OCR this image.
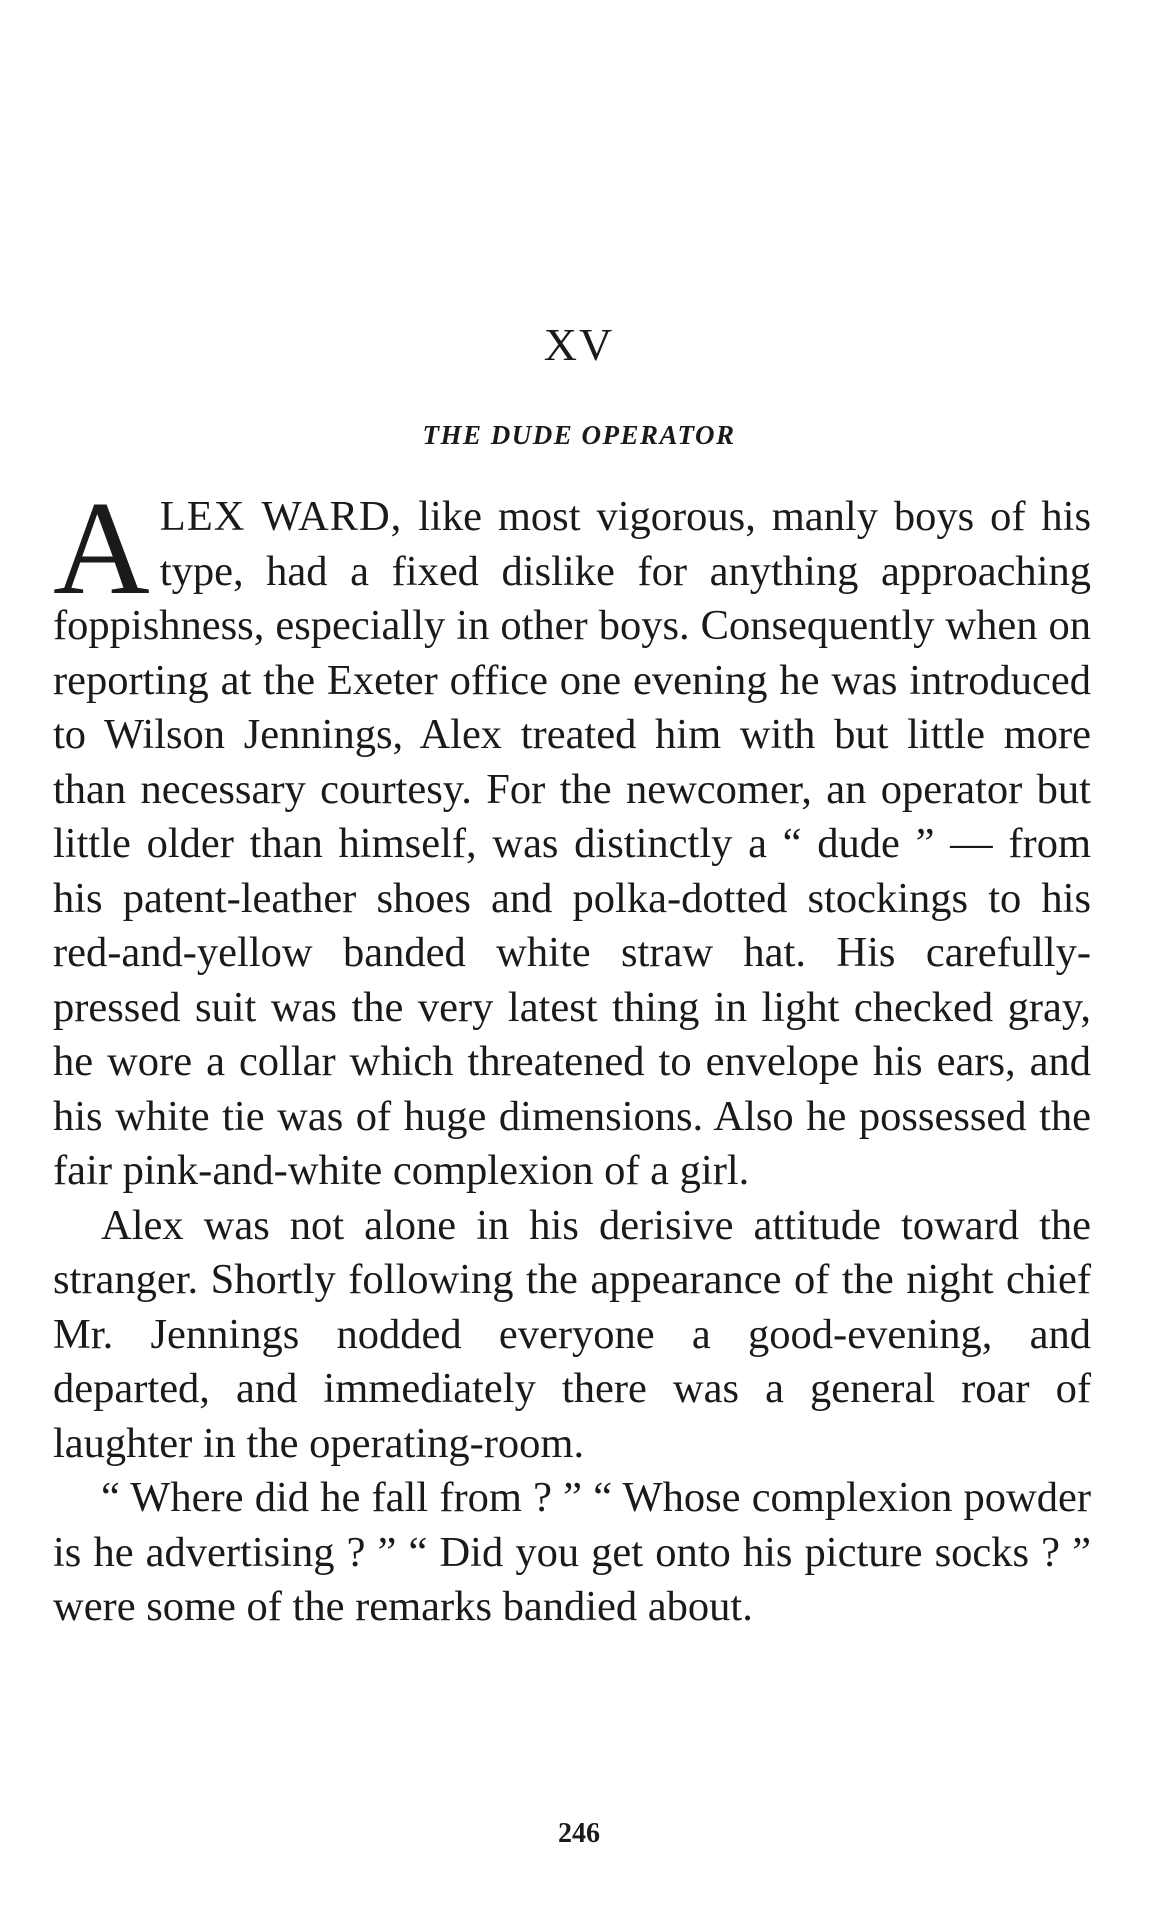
XV
THE DUDE OPERATOR

ALEX WARD, like most vigorous, manly boys of his type, had a fixed dislike for anything approaching foppishness, especially in other boys. Consequently when on reporting at the Exeter office one evening he was introduced to Wilson Jennings, Alex treated him with but little more than necessary courtesy. For the newcomer, an operator but little older than himself, was distinctly a “ dude ” — from his patent-leather shoes and polka-dotted stockings to his red-and-yellow banded white straw hat. His carefully-pressed suit was the very latest thing in light checked gray, he wore a collar which threatened to envelope his ears, and his white tie was of huge dimensions. Also he possessed the fair pink-and-white complexion of a girl.

Alex was not alone in his derisive attitude toward the stranger. Shortly following the appearance of the night chief Mr. Jennings nodded everyone a good-evening, and departed, and immediately there was a general roar of laughter in the operating-room.

“ Where did he fall from ? ” “ Whose complexion powder is he advertising ? ” “ Did you get onto his picture socks ? ” were some of the remarks bandied about.

246
